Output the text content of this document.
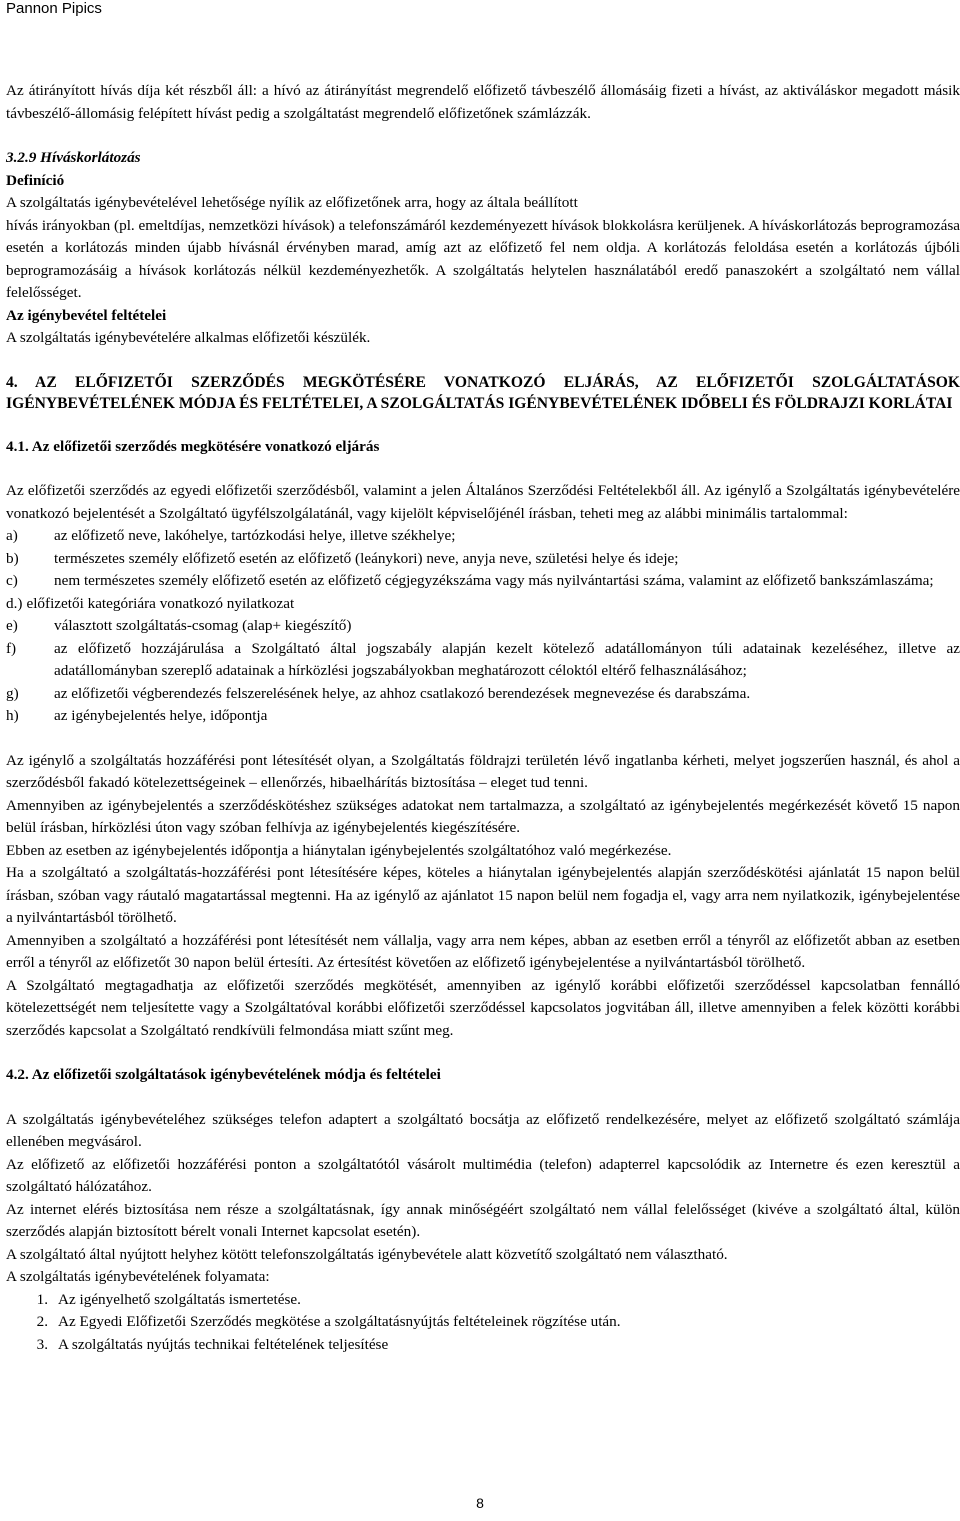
Pannon Pipics

Az átirányított hívás díja két részből áll: a hívó az átirányítást megrendelő előfizető távbeszélő állomásáig fizeti a hívást, az aktiváláskor megadott másik távbeszélő-állomásig felépített hívást pedig a szolgáltatást megrendelő előfizetőnek számlázzák.

3.2.9 Híváskorlátozás

Definíció

A szolgáltatás igénybevételével lehetősége nyílik az előfizetőnek arra, hogy az általa beállított

hívás irányokban (pl. emeltdíjas, nemzetközi hívások) a telefonszámáról kezdeményezett hívások blokkolásra kerüljenek. A híváskorlátozás beprogramozása esetén a korlátozás minden újabb hívásnál érvényben marad, amíg azt az előfizető fel nem oldja. A korlátozás feloldása esetén a korlátozás újbóli beprogramozásáig a hívások korlátozás nélkül kezdeményezhetők. A szolgáltatás helytelen használatából eredő panaszokért a szolgáltató nem vállal felelősséget.

Az igénybevétel feltételei

A szolgáltatás igénybevételére alkalmas előfizetői készülék.

4. AZ ELŐFIZETŐI SZERZŐDÉS MEGKÖTÉSÉRE VONATKOZÓ ELJÁRÁS, AZ ELŐFIZETŐI SZOLGÁLTATÁSOK IGÉNYBEVÉTELÉNEK MÓDJA ÉS FELTÉTELEI, A SZOLGÁLTATÁS IGÉNYBEVÉTELÉNEK IDŐBELI ÉS FÖLDRAJZI KORLÁTAI

4.1. Az előfizetői szerződés megkötésére vonatkozó eljárás

Az előfizetői szerződés az egyedi előfizetői szerződésből, valamint a jelen Általános Szerződési Feltételekből áll. Az igénylő a Szolgáltatás igénybevételére vonatkozó bejelentését a Szolgáltató ügyfélszolgálatánál, vagy kijelölt képviselőjénél írásban, teheti meg az alábbi minimális tartalommal:

a)	az előfizető neve, lakóhelye, tartózkodási helye, illetve székhelye;
b)	természetes személy előfizető esetén az előfizető (leánykori) neve, anyja neve, születési helye és ideje;
c)	nem természetes személy előfizető esetén az előfizető cégjegyzékszáma vagy más nyilvántartási száma, valamint az előfizető bankszámlaszáma;
d.) előfizetői kategóriára vonatkozó nyilatkozat
e)	választott szolgáltatás-csomag (alap+ kiegészítő)
f)	az előfizető hozzájárulása a Szolgáltató által jogszabály alapján kezelt kötelező adatállományon túli adatainak kezeléséhez, illetve az adatállományban szereplő adatainak a hírközlési jogszabályokban meghatározott céloktól eltérő felhasználásához;
g)	az előfizetői végberendezés felszerelésének helye, az ahhoz csatlakozó berendezések megnevezése és darabszáma.
h)	az igénybejelentés helye, időpontja

Az igénylő a szolgáltatás hozzáférési pont létesítését olyan, a Szolgáltatás földrajzi területén lévő ingatlanba kérheti, melyet jogszerűen használ, és ahol a szerződésből fakadó kötelezettségeinek – ellenőrzés, hibaelhárítás biztosítása – eleget tud tenni.

Amennyiben az igénybejelentés a szerződéskötéshez szükséges adatokat nem tartalmazza, a szolgáltató az igénybejelentés megérkezését követő 15 napon belül írásban, hírközlési úton vagy szóban felhívja az igénybejelentés kiegészítésére.

Ebben az esetben az igénybejelentés időpontja a hiánytalan igénybejelentés szolgáltatóhoz való megérkezése.

Ha a szolgáltató a szolgáltatás-hozzáférési pont létesítésére képes, köteles a hiánytalan igénybejelentés alapján szerződéskötési ajánlatát 15 napon belül írásban, szóban vagy ráutaló magatartással megtenni. Ha az igénylő az ajánlatot 15 napon belül nem fogadja el, vagy arra nem nyilatkozik, igénybejelentése a nyilvántartásból törölhető.

Amennyiben a szolgáltató a hozzáférési pont létesítését nem vállalja, vagy arra nem képes, abban az esetben erről a tényről az előfizetőt abban az esetben erről a tényről az előfizetőt 30 napon belül értesíti. Az értesítést követően az előfizető igénybejelentése a nyilvántartásból törölhető.

A Szolgáltató megtagadhatja az előfizetői szerződés megkötését, amennyiben az igénylő korábbi előfizetői szerződéssel kapcsolatban fennálló kötelezettségét nem teljesítette vagy a Szolgáltatóval korábbi előfizetői szerződéssel kapcsolatos jogvitában áll, illetve amennyiben a felek közötti korábbi szerződés kapcsolat a Szolgáltató rendkívüli felmondása miatt szűnt meg.

4.2. Az előfizetői szolgáltatások igénybevételének módja és feltételei

A szolgáltatás igénybevételéhez szükséges telefon adaptert a szolgáltató bocsátja az előfizető rendelkezésére, melyet az előfizető szolgáltató számlája ellenében megvásárol.

Az előfizető az előfizetői hozzáférési ponton a szolgáltatótól vásárolt multimédia (telefon) adapterrel kapcsolódik az Internetre és ezen keresztül a szolgáltató hálózatához.

Az internet elérés biztosítása nem része a szolgáltatásnak, így annak minőségéért szolgáltató nem vállal felelősséget (kivéve a szolgáltató által, külön szerződés alapján biztosított bérelt vonali Internet kapcsolat esetén).

A szolgáltató által nyújtott helyhez kötött telefonszolgáltatás igénybevétele alatt közvetítő szolgáltató nem választható.

A szolgáltatás igénybevételének folyamata:

1. Az igényelhető szolgáltatás ismertetése.
2. Az Egyedi Előfizetői Szerződés megkötése a szolgáltatásnyújtás feltételeinek rögzítése után.
3. A szolgáltatás nyújtás technikai feltételének teljesítése
8
